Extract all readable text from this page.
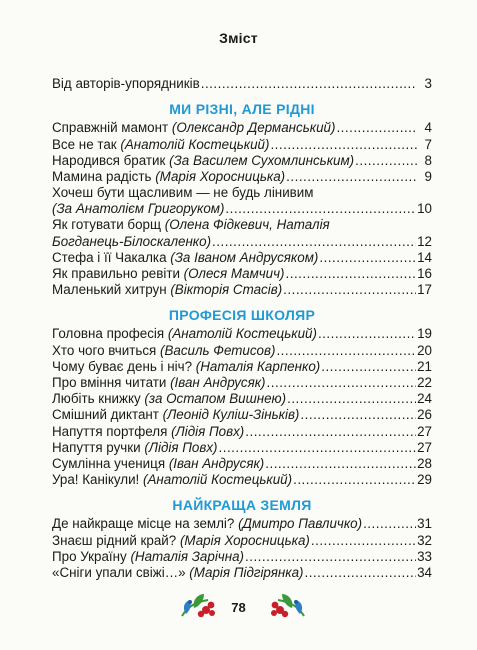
Зміст
Від авторів-упорядників .....	3
МИ РІЗНІ, АЛЕ РІДНІ
Справжній мамонт (Олександр Дерманський) .....	4
Все не так (Анатолій Костецький) .....	7
Народився братик (За Василем Сухомлинським) .....	8
Мамина радість (Марія Хоросницька) .....	9
Хочеш бути щасливим — не будь лінивим
(За Анатолієм Григоруком) .....	10
Як готувати борщ (Олена Фідкевич, Наталія
Богданець-Білоскаленко) .....	12
Стефа і її Чакалка (За Іваном Андрусяком) .....	14
Як правильно ревіти (Олеся Мамчич) .....	16
Маленький хитрун (Вікторія Стасів) .....	17
ПРОФЕСІЯ ШКОЛЯР
Головна професія (Анатолій Костецький) .....	19
Хто чого вчиться (Василь Фетисов) .....	20
Чому буває день і ніч? (Наталія Карпенко) .....	21
Про вміння читати (Іван Андрусяк) .....	22
Любіть книжку (за Остапом Вишнею) .....	24
Смішний диктант (Леонід Куліш-Зіньків) .....	26
Напуття портфеля (Лідія Повх) .....	27
Напуття ручки (Лідія Повх) .....	27
Сумлінна учениця (Іван Андрусяк) .....	28
Ура! Канікули! (Анатолій Костецький) .....	29
НАЙКРАЩА ЗЕМЛЯ
Де найкраще місце на землі? (Дмитро Павличко) .....	31
Знаєш рідний край? (Марія Хоросницька) .....	32
Про Україну (Наталія Зарічна) .....	33
«Сніги упали свіжі…» (Марія Підгірянка) .....	34
78
